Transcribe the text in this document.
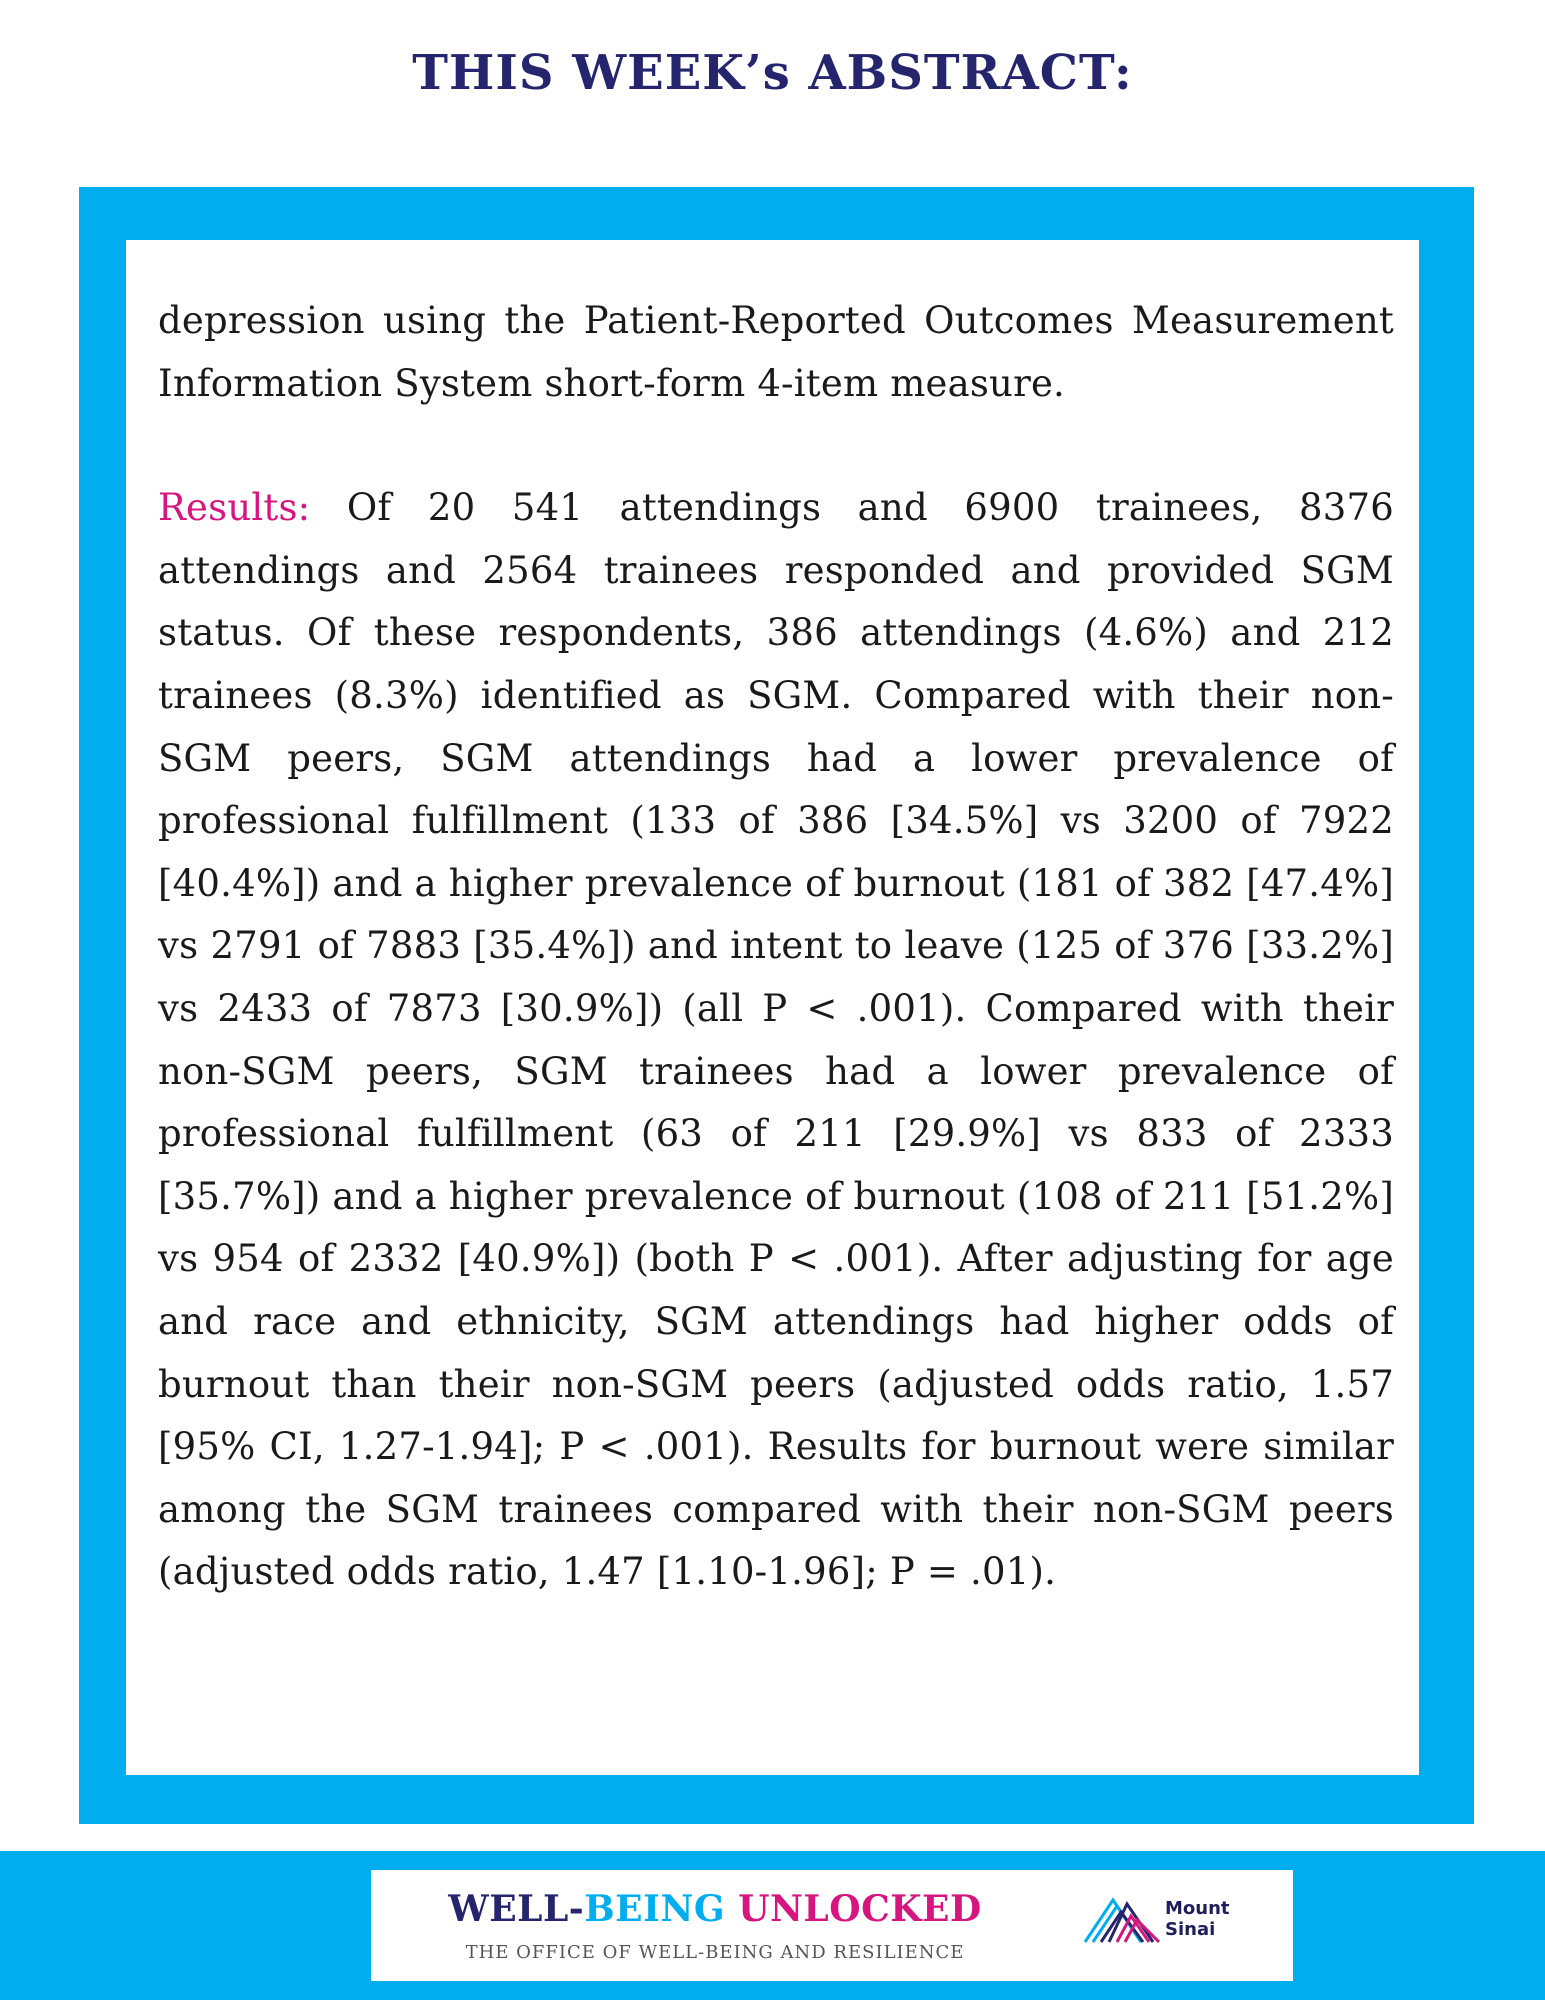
THIS WEEK’s ABSTRACT:

depression using the Patient-Reported Outcomes Measurement Information System short-form 4-item measure.

Results: Of 20 541 attendings and 6900 trainees, 8376 attendings and 2564 trainees responded and provided SGM status. Of these respondents, 386 attendings (4.6%) and 212 trainees (8.3%) identified as SGM. Compared with their non-SGM peers, SGM attendings had a lower prevalence of professional fulfillment (133 of 386 [34.5%] vs 3200 of 7922 [40.4%]) and a higher prevalence of burnout (181 of 382 [47.4%] vs 2791 of 7883 [35.4%]) and intent to leave (125 of 376 [33.2%] vs 2433 of 7873 [30.9%]) (all P < .001). Compared with their non-SGM peers, SGM trainees had a lower prevalence of professional fulfillment (63 of 211 [29.9%] vs 833 of 2333 [35.7%]) and a higher prevalence of burnout (108 of 211 [51.2%] vs 954 of 2332 [40.9%]) (both P < .001). After adjusting for age and race and ethnicity, SGM attendings had higher odds of burnout than their non-SGM peers (adjusted odds ratio, 1.57 [95% CI, 1.27-1.94]; P < .001). Results for burnout were similar among the SGM trainees compared with their non-SGM peers (adjusted odds ratio, 1.47 [1.10-1.96]; P = .01).

WELL-BEING UNLOCKED
THE OFFICE OF WELL-BEING AND RESILIENCE
Mount
Sinai
